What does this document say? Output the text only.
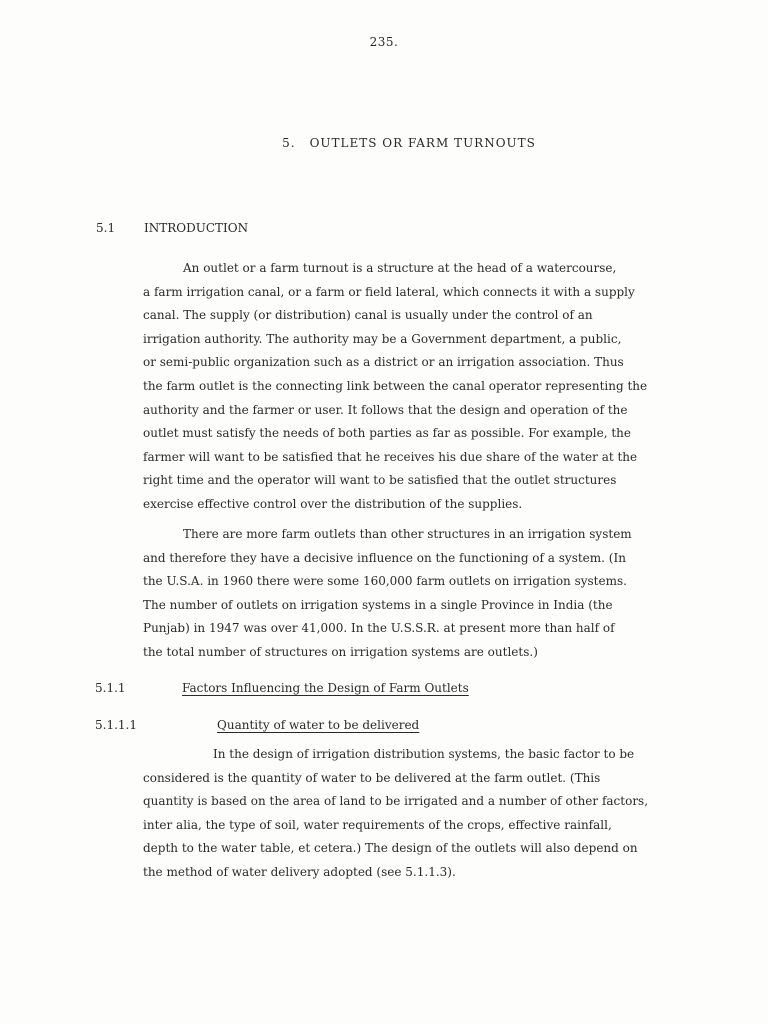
235.
5. OUTLETS OR FARM TURNOUTS
5.1 INTRODUCTION

An outlet or a farm turnout is a structure at the head of a watercourse,
a farm irrigation canal, or a farm or field lateral, which connects it with a supply
canal. The supply (or distribution) canal is usually under the control of an
irrigation authority. The authority may be a Government department, a public,
or semi-public organization such as a district or an irrigation association. Thus
the farm outlet is the connecting link between the canal operator representing the
authority and the farmer or user. It follows that the design and operation of the
outlet must satisfy the needs of both parties as far as possible. For example, the
farmer will want to be satisfied that he receives his due share of the water at the
right time and the operator will want to be satisfied that the outlet structures
exercise effective control over the distribution of the supplies.

There are more farm outlets than other structures in an irrigation system
and therefore they have a decisive influence on the functioning of a system. (In
the U.S.A. in 1960 there were some 160,000 farm outlets on irrigation systems.
The number of outlets on irrigation systems in a single Province in India (the
Punjab) in 1947 was over 41,000. In the U.S.S.R. at present more than half of
the total number of structures on irrigation systems are outlets.)

5.1.1	Factors Influencing the Design of Farm Outlets
5.1.1.1	Quantity of water to be delivered

In the design of irrigation distribution systems, the basic factor to be
considered is the quantity of water to be delivered at the farm outlet. (This
quantity is based on the area of land to be irrigated and a number of other factors,
inter alia, the type of soil, water requirements of the crops, effective rainfall,
depth to the water table, et cetera.) The design of the outlets will also depend on
the method of water delivery adopted (see 5.1.1.3).
